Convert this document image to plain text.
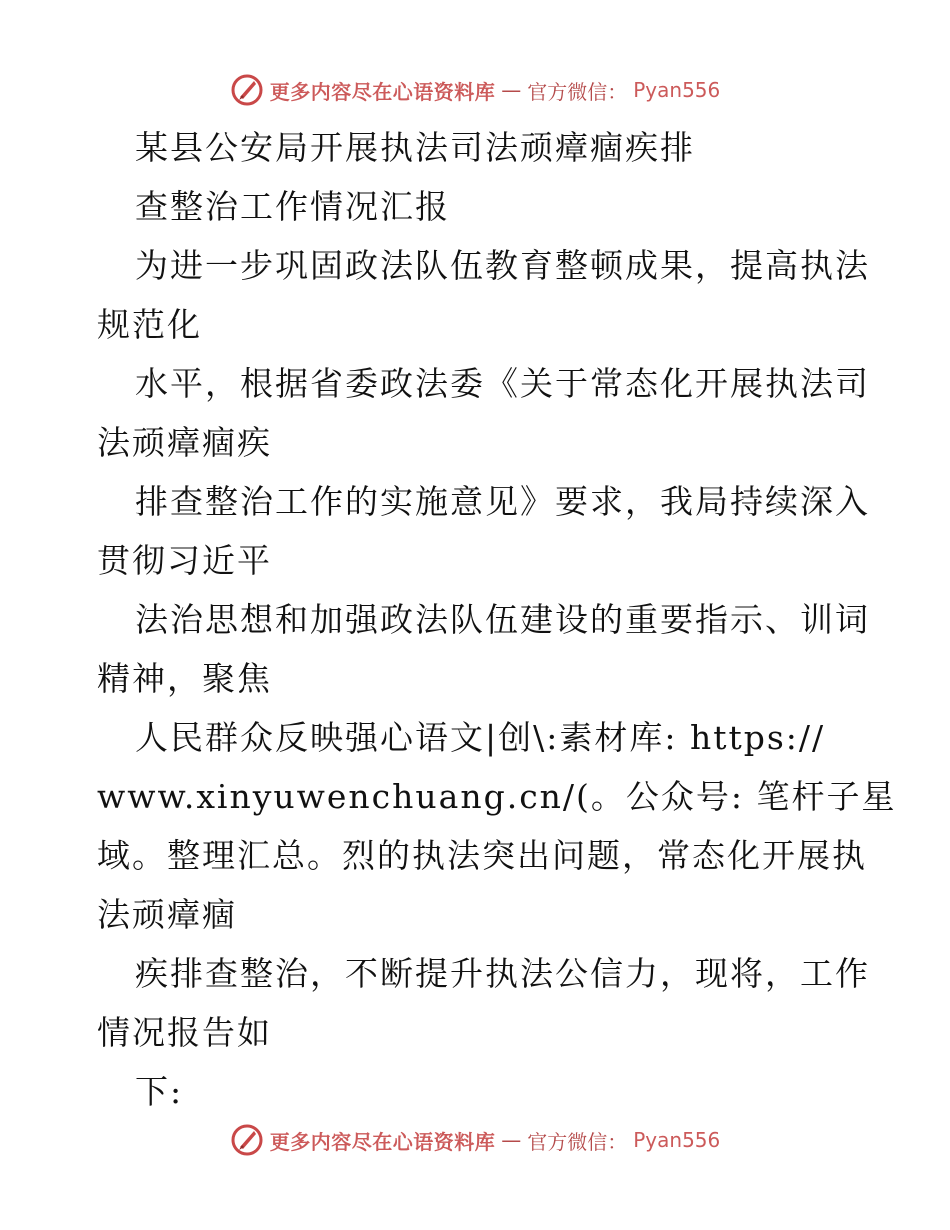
更多内容尽在心语资料库 — 官方微信： Pyan556
某县公安局开展执法司法顽瘴痼疾排
查整治工作情况汇报
为进一步巩固政法队伍教育整顿成果，提高执法
规范化
水平，根据省委政法委《关于常态化开展执法司
法顽瘴痼疾
排查整治工作的实施意见》要求，我局持续深入
贯彻习近平
法治思想和加强政法队伍建设的重要指示、训词
精神，聚焦
人民群众反映强心语文|创\:素材库: https://
www.xinyuwenchuang.cn/(。公众号: 笔杆子星
域。整理汇总。烈的执法突出问题，常态化开展执
法顽瘴痼
疾排查整治，不断提升执法公信力，现将，工作
情况报告如
下:
更多内容尽在心语资料库 — 官方微信： Pyan556
